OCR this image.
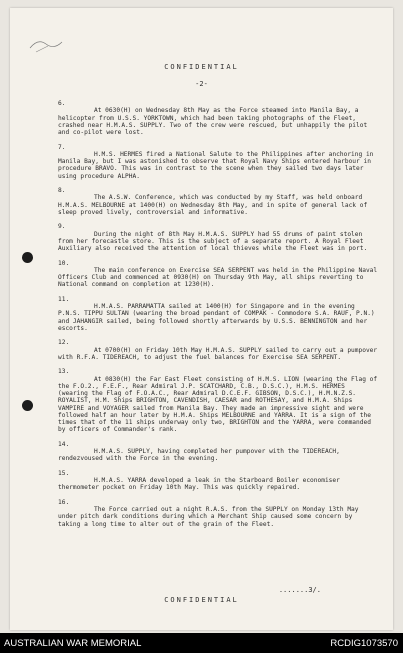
CONFIDENTIAL
-2-
6.
At 0630(H) on Wednesday 8th May as the Force steamed into Manila Bay, a helicopter from U.S.S. YORKTOWN, which had been taking photographs of the Fleet, crashed near H.M.A.S. SUPPLY. Two of the crew were rescued, but unhappily the pilot and co-pilot were lost.
7.
H.M.S. HERMES fired a National Salute to the Philippines after anchoring in Manila Bay, but I was astonished to observe that Royal Navy Ships entered harbour in procedure BRAVO. This was in contrast to the scene when they sailed two days later using procedure ALPHA.
8.
The A.S.W. Conference, which was conducted by my Staff, was held onboard H.M.A.S. MELBOURNE at 1400(H) on Wednesday 8th May, and in spite of general lack of sleep proved lively, controversial and informative.
9.
During the night of 8th May H.M.A.S. SUPPLY had 55 drums of paint stolen from her forecastle store. This is the subject of a separate report. A Royal Fleet Auxiliary also received the attention of local thieves while the Fleet was in port.
10.
The main conference on Exercise SEA SERPENT was held in the Philippine Naval Officers Club and commenced at 0930(H) on Thursday 9th May, all ships reverting to National command on completion at 1230(H).
11.
H.M.A.S. PARRAMATTA sailed at 1400(H) for Singapore and in the evening P.N.S. TIPPU SULTAN (wearing the broad pendant of COMPAK - Commodore S.A. RAUF, P.N.) and JAHANGIR sailed, being followed shortly afterwards by U.S.S. BENNINGTON and her escorts.
12.
At 0700(H) on Friday 10th May H.M.A.S. SUPPLY sailed to carry out a pumpover with R.F.A. TIDEREACH, to adjust the fuel balances for Exercise SEA SERPENT.
13.
At 0830(H) the Far East Fleet consisting of H.M.S. LION (wearing the Flag of the F.O.2., F.E.F., Rear Admiral J.P. SCATCHARD, C.B., D.S.C.), H.M.S. HERMES (wearing the Flag of F.O.A.C., Rear Admiral D.C.E.F. GIBSON, D.S.C.), H.M.N.Z.S. ROYALIST, H.M. Ships BRIGHTON, CAVENDISH, CAESAR and ROTHESAY, and H.M.A. Ships VAMPIRE and VOYAGER sailed from Manila Bay. They made an impressive sight and were followed half an hour later by H.M.A. Ships MELBOURNE and YARRA. It is a sign of the times that of the 11 ships underway only two, BRIGHTON and the YARRA, were commanded by officers of Commander's rank.
14.
H.M.A.S. SUPPLY, having completed her pumpover with the TIDEREACH, rendezvoused with the Force in the evening.
15.
H.M.A.S. YARRA developed a leak in the Starboard Boiler economiser thermometer pocket on Friday 10th May. This was quickly repaired.
16.
The Force carried out a night R.A.S. from the SUPPLY on Monday 13th May under pitch dark conditions during which a Merchant Ship caused some concern by taking a long time to alter out of the grain of the Fleet.
.......3/.
CONFIDENTIAL
AUSTRALIAN WAR MEMORIAL	RCDIG1073570
